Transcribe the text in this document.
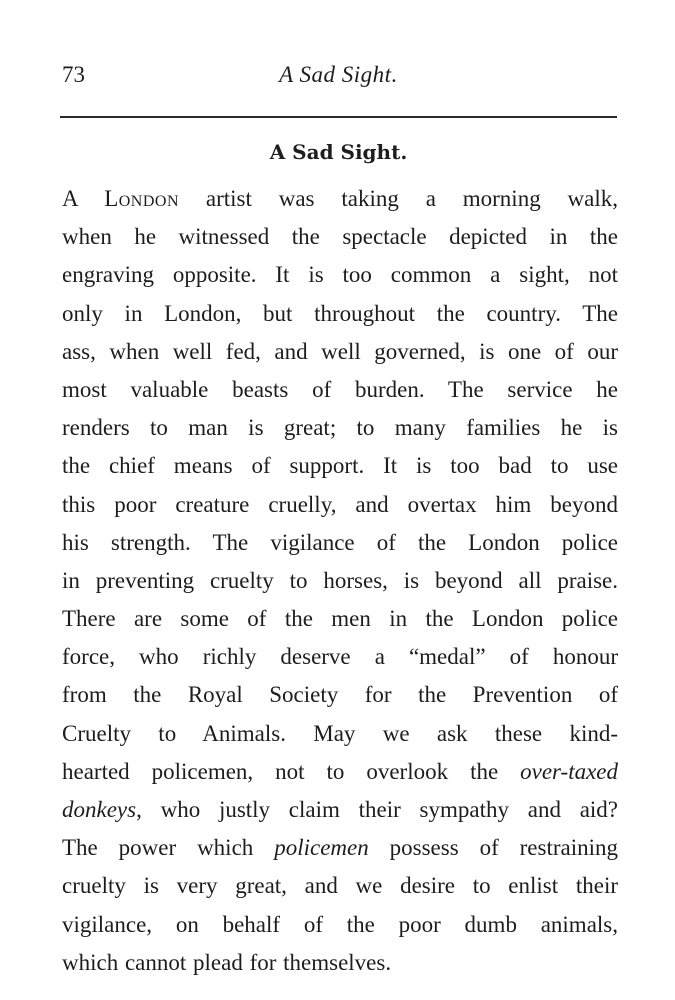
73	A Sad Sight.
A Sad Sight.

A London artist was taking a morning walk,
when he witnessed the spectacle depicted in the
engraving opposite. It is too common a sight, not
only in London, but throughout the country. The
ass, when well fed, and well governed, is one of our
most valuable beasts of burden. The service he
renders to man is great; to many families he is
the chief means of support. It is too bad to use
this poor creature cruelly, and overtax him beyond
his strength. The vigilance of the London police
in preventing cruelty to horses, is beyond all praise.
There are some of the men in the London police
force, who richly deserve a “medal” of honour
from the Royal Society for the Prevention of
Cruelty to Animals. May we ask these kind-
hearted policemen, not to overlook the over-taxed
donkeys, who justly claim their sympathy and aid?
The power which policemen possess of restraining
cruelty is very great, and we desire to enlist their
vigilance, on behalf of the poor dumb animals,
which cannot plead for themselves.
